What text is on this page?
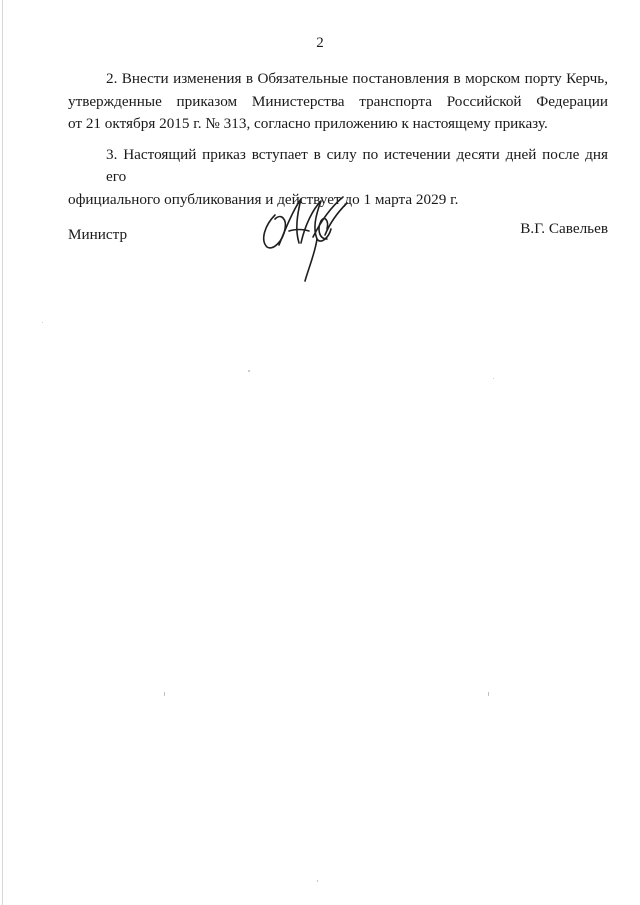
2

2. Внести изменения в Обязательные постановления в морском порту Керчь,
утвержденные приказом Министерства транспорта Российской Федерации
от 21 октября 2015 г. № 313, согласно приложению к настоящему приказу.

3. Настоящий приказ вступает в силу по истечении десяти дней после дня его
официального опубликования и действует до 1 марта 2029 г.

Министр	В.Г. Савельев
